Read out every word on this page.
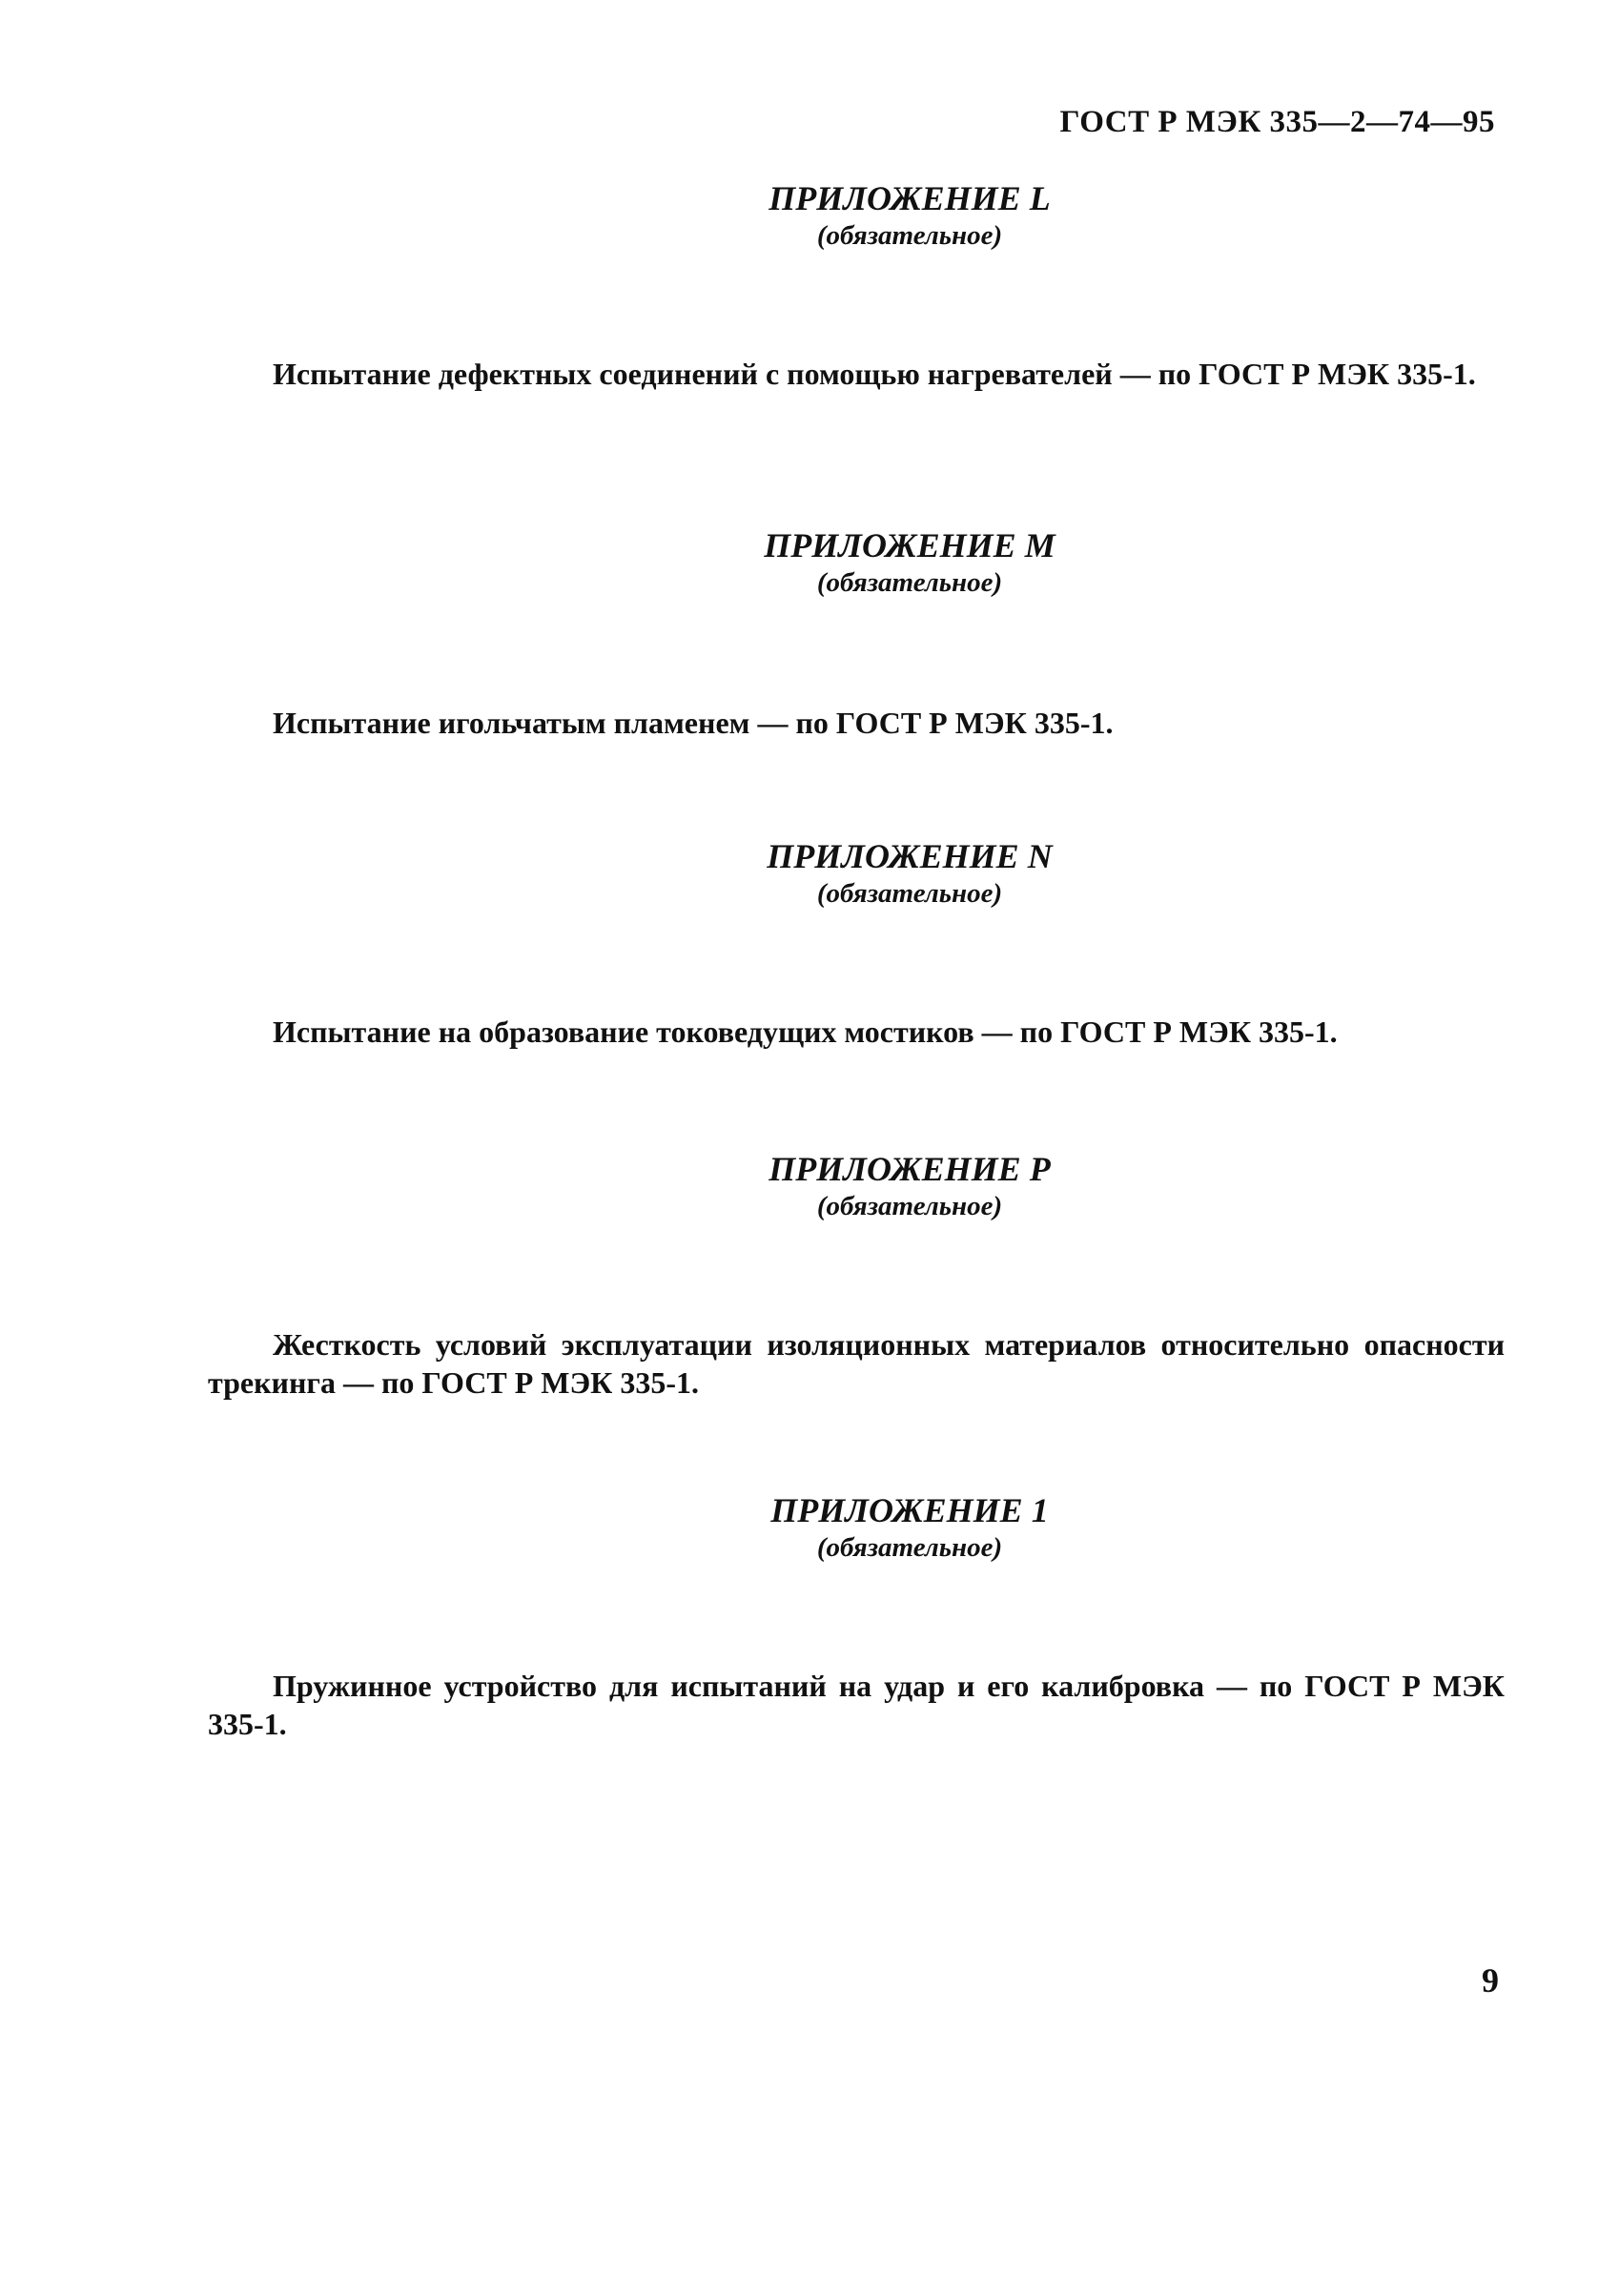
ГОСТ Р МЭК 335—2—74—95
ПРИЛОЖЕНИЕ L
(обязательное)

Испытание дефектных соединений с помощью нагревателей — по ГОСТ Р МЭК 335-1.

ПРИЛОЖЕНИЕ М
(обязательное)

Испытание игольчатым пламенем — по ГОСТ Р МЭК 335-1.

ПРИЛОЖЕНИЕ N
(обязательное)

Испытание на образование токоведущих мостиков — по ГОСТ Р МЭК 335-1.

ПРИЛОЖЕНИЕ Р
(обязательное)

Жесткость условий эксплуатации изоляционных материалов относительно опасности трекинга — по ГОСТ Р МЭК 335-1.

ПРИЛОЖЕНИЕ 1
(обязательное)

Пружинное устройство для испытаний на удар и его калибровка — по ГОСТ Р МЭК 335-1.

9
